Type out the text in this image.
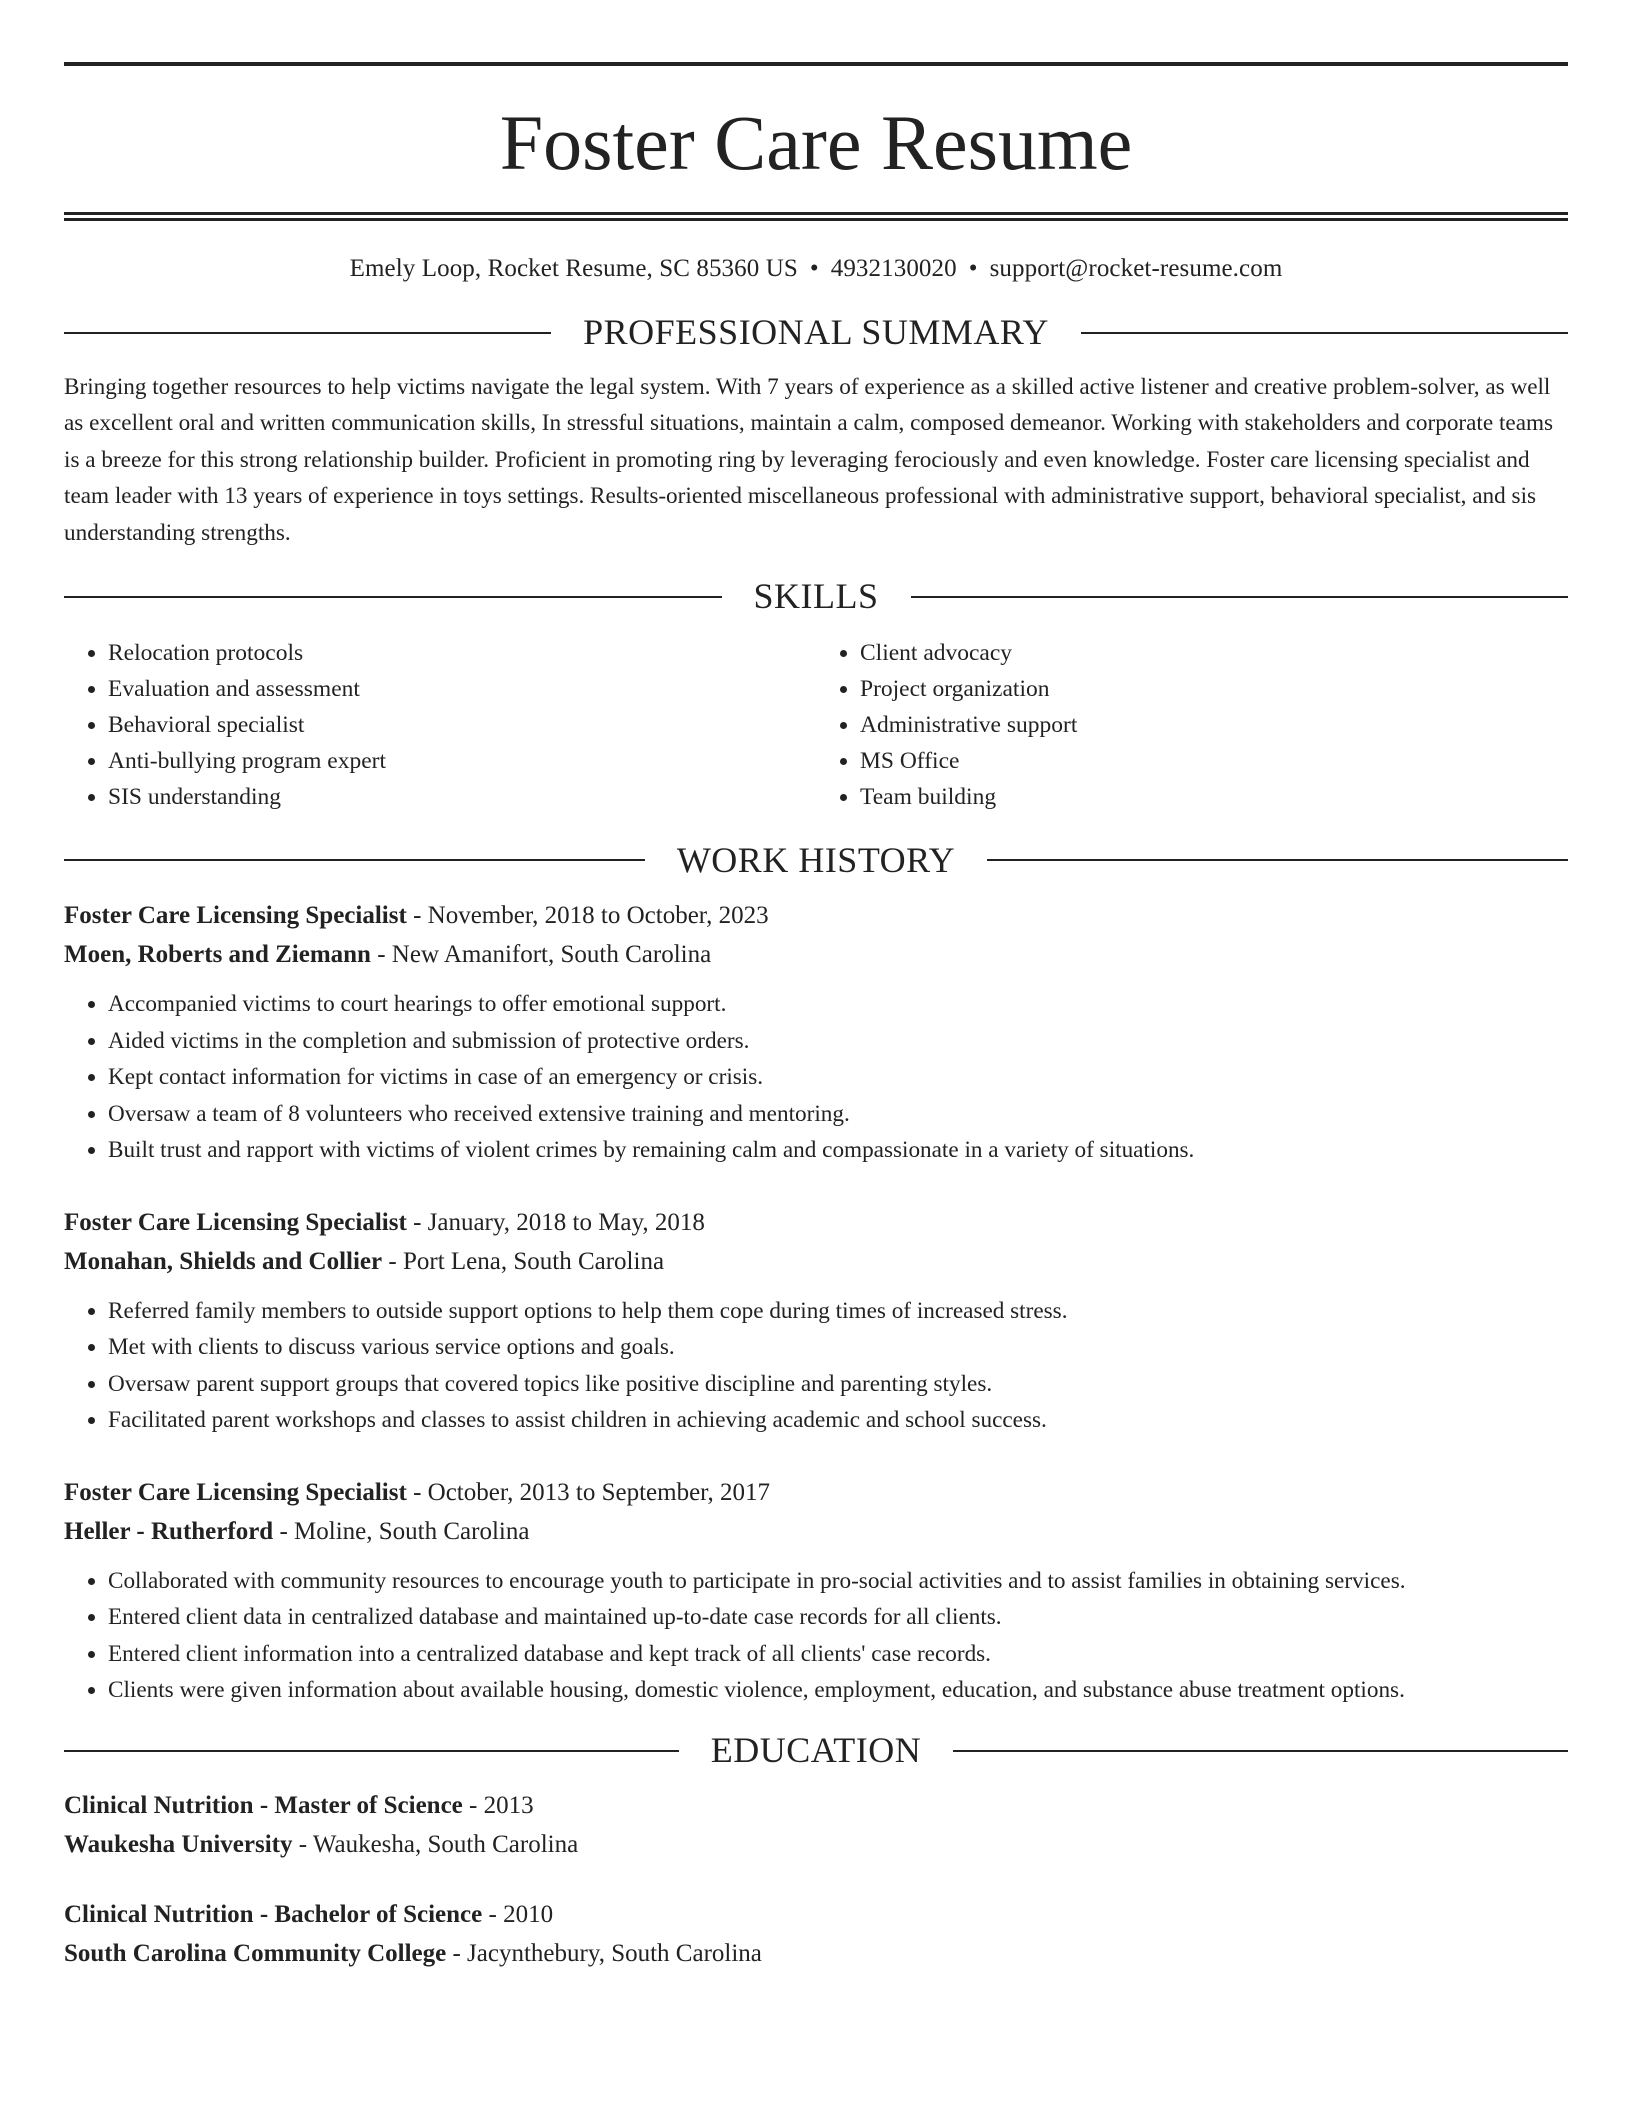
Foster Care Resume
Emely Loop, Rocket Resume, SC 85360 US • 4932130020 • support@rocket-resume.com
PROFESSIONAL SUMMARY
Bringing together resources to help victims navigate the legal system. With 7 years of experience as a skilled active listener and creative problem-solver, as well as excellent oral and written communication skills, In stressful situations, maintain a calm, composed demeanor. Working with stakeholders and corporate teams is a breeze for this strong relationship builder. Proficient in promoting ring by leveraging ferociously and even knowledge. Foster care licensing specialist and team leader with 13 years of experience in toys settings. Results-oriented miscellaneous professional with administrative support, behavioral specialist, and sis understanding strengths.
SKILLS
• Relocation protocols
• Evaluation and assessment
• Behavioral specialist
• Anti-bullying program expert
• SIS understanding
• Client advocacy
• Project organization
• Administrative support
• MS Office
• Team building
WORK HISTORY
Foster Care Licensing Specialist - November, 2018 to October, 2023
Moen, Roberts and Ziemann - New Amanifort, South Carolina
• Accompanied victims to court hearings to offer emotional support.
• Aided victims in the completion and submission of protective orders.
• Kept contact information for victims in case of an emergency or crisis.
• Oversaw a team of 8 volunteers who received extensive training and mentoring.
• Built trust and rapport with victims of violent crimes by remaining calm and compassionate in a variety of situations.
Foster Care Licensing Specialist - January, 2018 to May, 2018
Monahan, Shields and Collier - Port Lena, South Carolina
• Referred family members to outside support options to help them cope during times of increased stress.
• Met with clients to discuss various service options and goals.
• Oversaw parent support groups that covered topics like positive discipline and parenting styles.
• Facilitated parent workshops and classes to assist children in achieving academic and school success.
Foster Care Licensing Specialist - October, 2013 to September, 2017
Heller - Rutherford - Moline, South Carolina
• Collaborated with community resources to encourage youth to participate in pro-social activities and to assist families in obtaining services.
• Entered client data in centralized database and maintained up-to-date case records for all clients.
• Entered client information into a centralized database and kept track of all clients' case records.
• Clients were given information about available housing, domestic violence, employment, education, and substance abuse treatment options.
EDUCATION
Clinical Nutrition - Master of Science - 2013
Waukesha University - Waukesha, South Carolina
Clinical Nutrition - Bachelor of Science - 2010
South Carolina Community College - Jacynthebury, South Carolina
